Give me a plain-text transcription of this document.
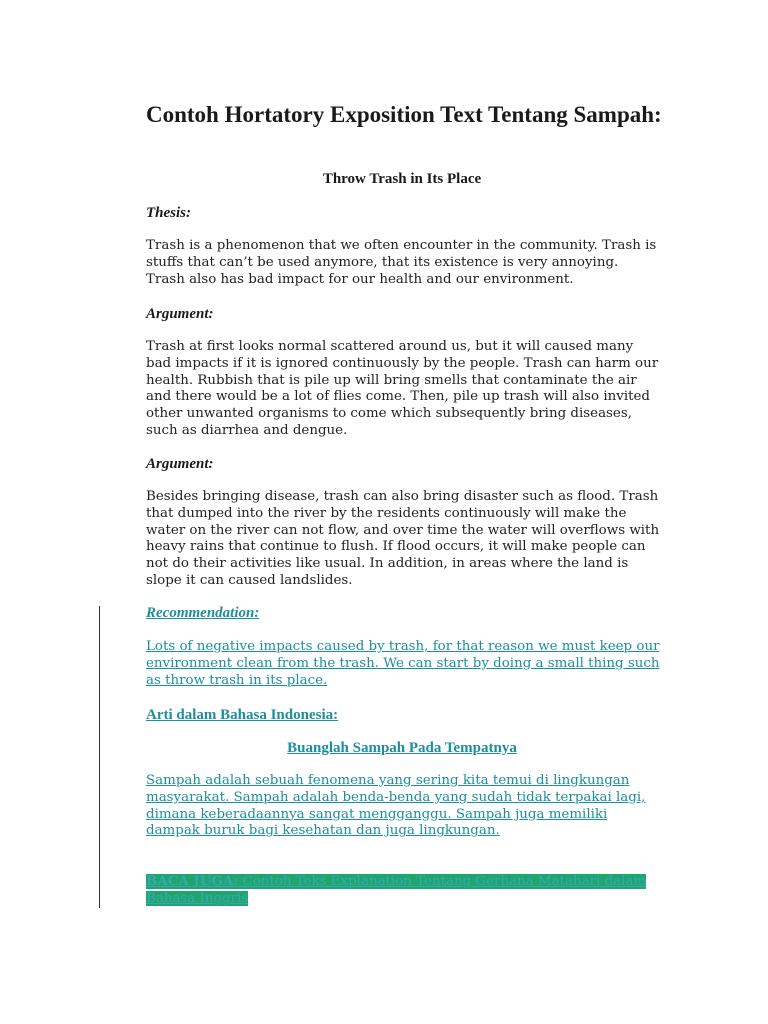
Contoh Hortatory Exposition Text Tentang Sampah:

Throw Trash in Its Place

Thesis:

Trash is a phenomenon that we often encounter in the community. Trash is stuffs that can’t be used anymore, that its existence is very annoying. Trash also has bad impact for our health and our environment.

Argument:

Trash at first looks normal scattered around us, but it will caused many bad impacts if it is ignored continuously by the people. Trash can harm our health. Rubbish that is pile up will bring smells that contaminate the air and there would be a lot of flies come. Then, pile up trash will also invited other unwanted organisms to come which subsequently bring diseases, such as diarrhea and dengue.

Argument:

Besides bringing disease, trash can also bring disaster such as flood. Trash that dumped into the river by the residents continuously will make the water on the river can not flow, and over time the water will overflows with heavy rains that continue to flush. If flood occurs, it will make people can not do their activities like usual. In addition, in areas where the land is slope it can caused landslides.

Recommendation:

Lots of negative impacts caused by trash, for that reason we must keep our environment clean from the trash. We can start by doing a small thing such as throw trash in its place.

Arti dalam Bahasa Indonesia:

Buanglah Sampah Pada Tempatnya

Sampah adalah sebuah fenomena yang sering kita temui di lingkungan masyarakat. Sampah adalah benda-benda yang sudah tidak terpakai lagi, dimana keberadaannya sangat mengganggu. Sampah juga memiliki dampak buruk bagi kesehatan dan juga lingkungan.

BACA JUGA: Contoh Teks Explanation Tentang Gerhana Matahari dalam Bahasa Inggris
